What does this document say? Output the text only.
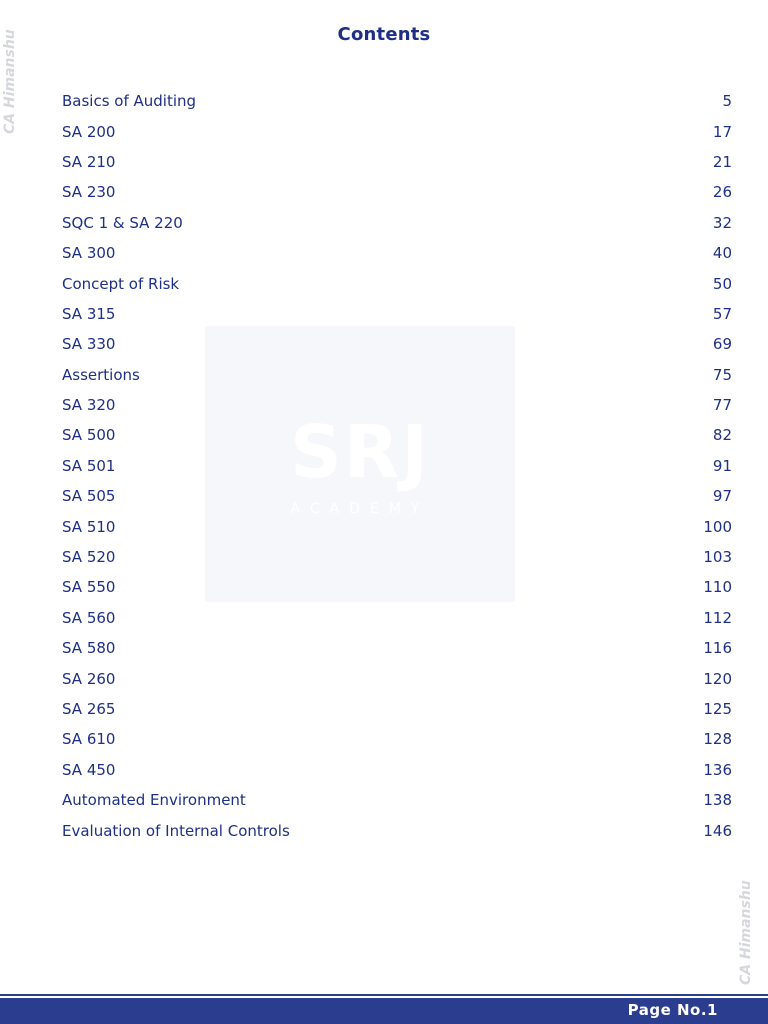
CA Himanshu
CA Himanshu
SRJ
ACADEMY
Contents
Basics of Auditing	5
SA 200	17
SA 210	21
SA 230	26
SQC 1 & SA 220	32
SA 300	40
Concept of Risk	50
SA 315	57
SA 330	69
Assertions	75
SA 320	77
SA 500	82
SA 501	91
SA 505	97
SA 510	100
SA 520	103
SA 550	110
SA 560	112
SA 580	116
SA 260	120
SA 265	125
SA 610	128
SA 450	136
Automated Environment	138
Evaluation of Internal Controls	146
Page No.1
